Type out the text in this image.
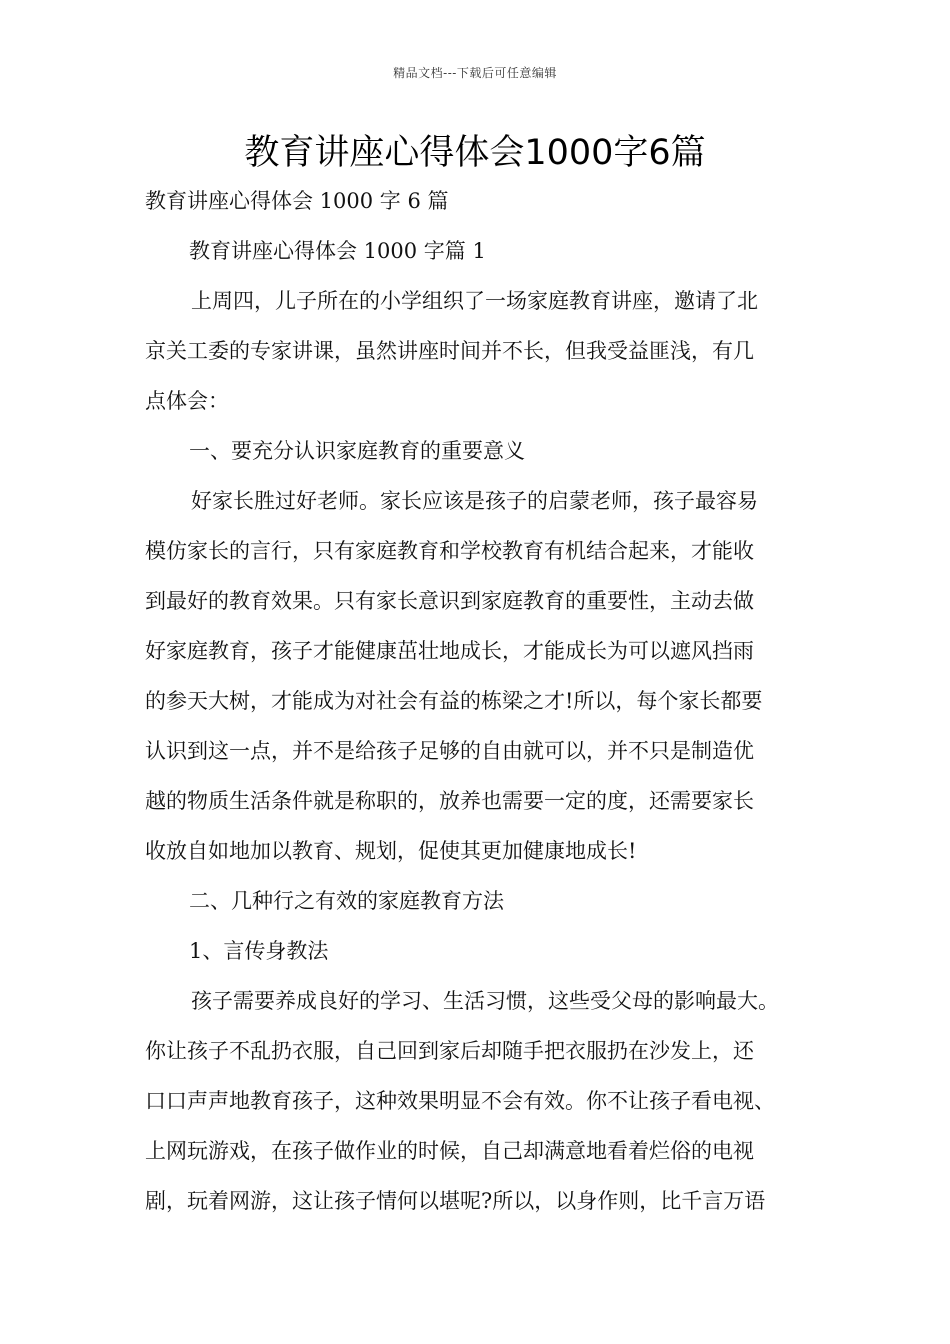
精品文档---下载后可任意编辑
教育讲座心得体会1000字6篇
教育讲座心得体会 1000 字 6 篇
教育讲座心得体会 1000 字篇 1
上周四，儿子所在的小学组织了一场家庭教育讲座，邀请了北
京关工委的专家讲课，虽然讲座时间并不长，但我受益匪浅，有几
点体会：
一、要充分认识家庭教育的重要意义
好家长胜过好老师。家长应该是孩子的启蒙老师，孩子最容易
模仿家长的言行，只有家庭教育和学校教育有机结合起来，才能收
到最好的教育效果。只有家长意识到家庭教育的重要性，主动去做
好家庭教育，孩子才能健康茁壮地成长，才能成长为可以遮风挡雨
的参天大树，才能成为对社会有益的栋梁之才!所以，每个家长都要
认识到这一点，并不是给孩子足够的自由就可以，并不只是制造优
越的物质生活条件就是称职的，放养也需要一定的度，还需要家长
收放自如地加以教育、规划，促使其更加健康地成长!
二、几种行之有效的家庭教育方法
1、言传身教法
孩子需要养成良好的学习、生活习惯，这些受父母的影响最大。
你让孩子不乱扔衣服，自己回到家后却随手把衣服扔在沙发上，还
口口声声地教育孩子，这种效果明显不会有效。你不让孩子看电视、
上网玩游戏，在孩子做作业的时候，自己却满意地看着烂俗的电视
剧，玩着网游，这让孩子情何以堪呢?所以，以身作则，比千言万语
